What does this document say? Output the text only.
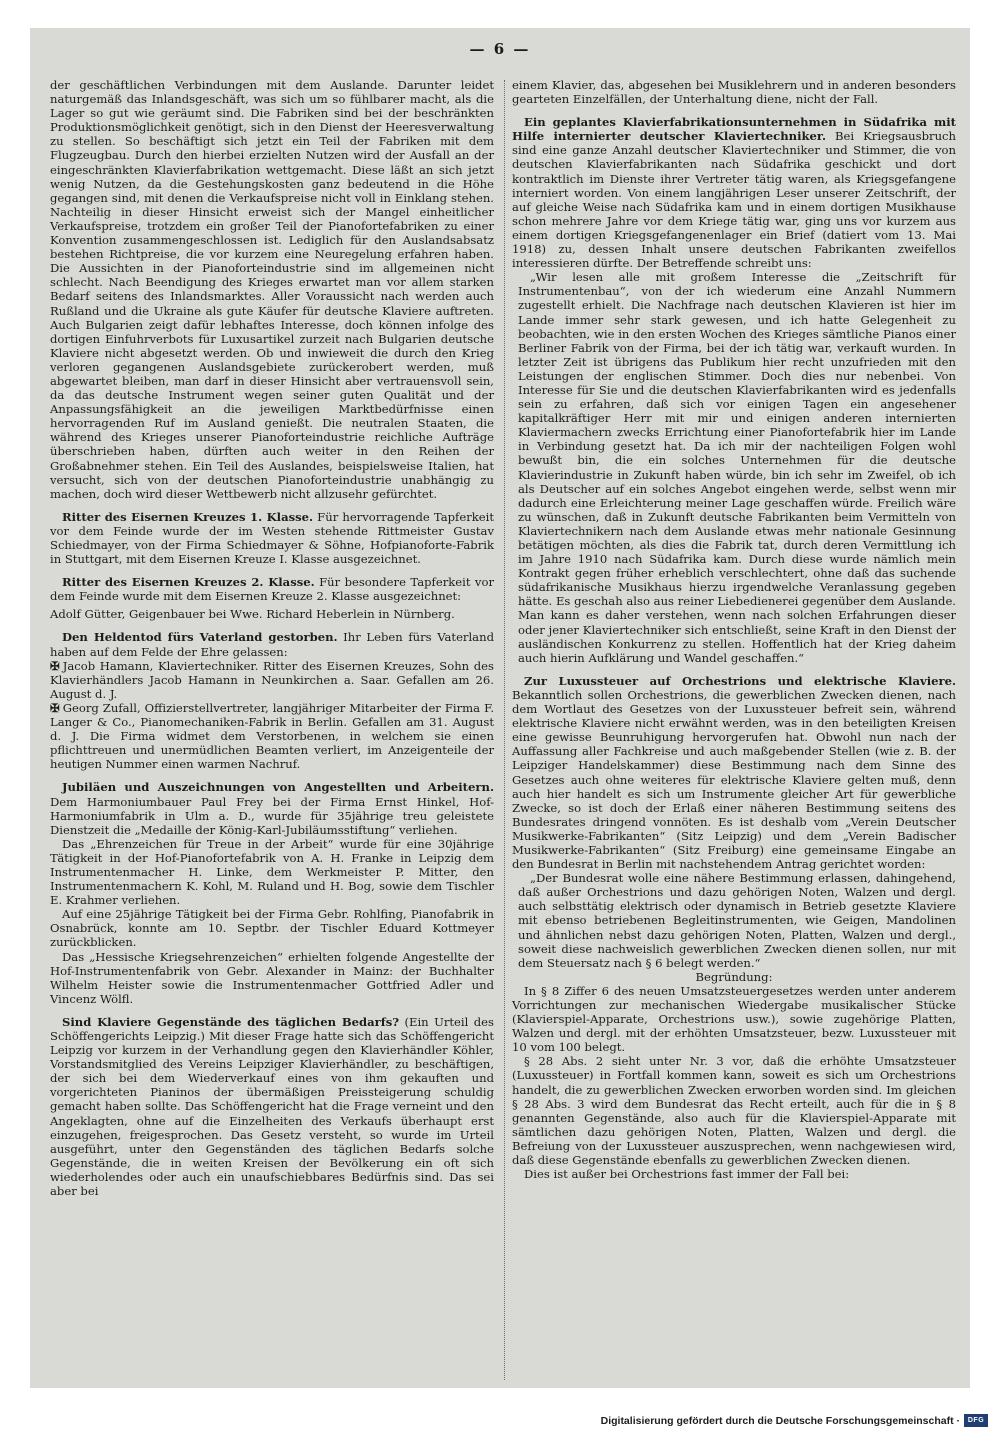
— 6 —

der geschäftlichen Verbindungen mit dem Auslande. Darunter leidet naturgemäß das Inlandsgeschäft, was sich um so fühlbarer macht, als die Lager so gut wie geräumt sind. Die Fabriken sind bei der beschränkten Produktionsmöglichkeit genötigt, sich in den Dienst der Heeresverwaltung zu stellen. So beschäftigt sich jetzt ein Teil der Fabriken mit dem Flugzeugbau. Durch den hierbei erzielten Nutzen wird der Ausfall an der eingeschränkten Klavierfabrikation wettgemacht. Diese läßt an sich jetzt wenig Nutzen, da die Gestehungskosten ganz bedeutend in die Höhe gegangen sind, mit denen die Verkaufspreise nicht voll in Einklang stehen. Nachteilig in dieser Hinsicht erweist sich der Mangel einheitlicher Verkaufspreise, trotzdem ein großer Teil der Pianofortefabriken zu einer Konvention zusammengeschlossen ist. Lediglich für den Auslandsabsatz bestehen Richtpreise, die vor kurzem eine Neuregelung erfahren haben. Die Aussichten in der Pianoforteindustrie sind im allgemeinen nicht schlecht. Nach Beendigung des Krieges erwartet man vor allem starken Bedarf seitens des Inlandsmarktes. Aller Voraussicht nach werden auch Rußland und die Ukraine als gute Käufer für deutsche Klaviere auftreten. Auch Bulgarien zeigt dafür lebhaftes Interesse, doch können infolge des dortigen Einfuhrverbots für Luxusartikel zurzeit nach Bulgarien deutsche Klaviere nicht abgesetzt werden. Ob und inwieweit die durch den Krieg verloren gegangenen Auslandsgebiete zurückerobert werden, muß abgewartet bleiben, man darf in dieser Hinsicht aber vertrauensvoll sein, da das deutsche Instrument wegen seiner guten Qualität und der Anpassungsfähigkeit an die jeweiligen Marktbedürfnisse einen hervorragenden Ruf im Ausland genießt. Die neutralen Staaten, die während des Krieges unserer Pianoforteindustrie reichliche Aufträge überschrieben haben, dürften auch weiter in den Reihen der Großabnehmer stehen. Ein Teil des Auslandes, beispielsweise Italien, hat versucht, sich von der deutschen Pianoforteindustrie unabhängig zu machen, doch wird dieser Wettbewerb nicht allzusehr gefürchtet.

Ritter des Eisernen Kreuzes 1. Klasse. Für hervorragende Tapferkeit vor dem Feinde wurde der im Westen stehende Rittmeister Gustav Schiedmayer, von der Firma Schiedmayer & Söhne, Hofpianoforte-Fabrik in Stuttgart, mit dem Eisernen Kreuze I. Klasse ausgezeichnet.

Ritter des Eisernen Kreuzes 2. Klasse. Für besondere Tapferkeit vor dem Feinde wurde mit dem Eisernen Kreuze 2. Klasse ausgezeichnet:

Adolf Gütter, Geigenbauer bei Wwe. Richard Heberlein in Nürnberg.

Den Heldentod fürs Vaterland gestorben. Ihr Leben fürs Vaterland haben auf dem Felde der Ehre gelassen:

✠ Jacob Hamann, Klaviertechniker. Ritter des Eisernen Kreuzes, Sohn des Klavierhändlers Jacob Hamann in Neunkirchen a. Saar. Gefallen am 26. August d. J.

✠ Georg Zufall, Offizierstellvertreter, langjähriger Mitarbeiter der Firma F. Langer & Co., Pianomechaniken-Fabrik in Berlin. Gefallen am 31. August d. J. Die Firma widmet dem Verstorbenen, in welchem sie einen pflichttreuen und unermüdlichen Beamten verliert, im Anzeigenteile der heutigen Nummer einen warmen Nachruf.

Jubiläen und Auszeichnungen von Angestellten und Arbeitern. Dem Harmoniumbauer Paul Frey bei der Firma Ernst Hinkel, Hof-Harmoniumfabrik in Ulm a. D., wurde für 35jährige treu geleistete Dienstzeit die „Medaille der König-Karl-Jubiläumsstiftung“ verliehen.

Das „Ehrenzeichen für Treue in der Arbeit“ wurde für eine 30jährige Tätigkeit in der Hof-Pianofortefabrik von A. H. Franke in Leipzig dem Instrumentenmacher H. Linke, dem Werkmeister P. Mitter, den Instrumentenmachern K. Kohl, M. Ruland und H. Bog, sowie dem Tischler E. Krahmer verliehen.

Auf eine 25jährige Tätigkeit bei der Firma Gebr. Rohlfing, Pianofabrik in Osnabrück, konnte am 10. Septbr. der Tischler Eduard Kottmeyer zurückblicken.

Das „Hessische Kriegsehrenzeichen“ erhielten folgende Angestellte der Hof-Instrumentenfabrik von Gebr. Alexander in Mainz: der Buchhalter Wilhelm Heister sowie die Instrumentenmacher Gottfried Adler und Vincenz Wölfl.

Sind Klaviere Gegenstände des täglichen Bedarfs? (Ein Urteil des Schöffengerichts Leipzig.) Mit dieser Frage hatte sich das Schöffengericht Leipzig vor kurzem in der Verhandlung gegen den Klavierhändler Köhler, Vorstandsmitglied des Vereins Leipziger Klavierhändler, zu beschäftigen, der sich bei dem Wiederverkauf eines von ihm gekauften und vorgerichteten Pianinos der übermäßigen Preissteigerung schuldig gemacht haben sollte. Das Schöffengericht hat die Frage verneint und den Angeklagten, ohne auf die Einzelheiten des Verkaufs überhaupt erst einzugehen, freigesprochen. Das Gesetz versteht, so wurde im Urteil ausgeführt, unter den Gegenständen des täglichen Bedarfs solche Gegenstände, die in weiten Kreisen der Bevölkerung ein oft sich wiederholendes oder auch ein unaufschiebbares Bedürfnis sind. Das sei aber bei

einem Klavier, das, abgesehen bei Musiklehrern und in anderen besonders gearteten Einzelfällen, der Unterhaltung diene, nicht der Fall.

Ein geplantes Klavierfabrikationsunternehmen in Südafrika mit Hilfe internierter deutscher Klaviertechniker. Bei Kriegsausbruch sind eine ganze Anzahl deutscher Klaviertechniker und Stimmer, die von deutschen Klavierfabrikanten nach Südafrika geschickt und dort kontraktlich im Dienste ihrer Vertreter tätig waren, als Kriegsgefangene interniert worden. Von einem langjährigen Leser unserer Zeitschrift, der auf gleiche Weise nach Südafrika kam und in einem dortigen Musikhause schon mehrere Jahre vor dem Kriege tätig war, ging uns vor kurzem aus einem dortigen Kriegsgefangenenlager ein Brief (datiert vom 13. Mai 1918) zu, dessen Inhalt unsere deutschen Fabrikanten zweifellos interessieren dürfte. Der Betreffende schreibt uns:

„Wir lesen alle mit großem Interesse die „Zeitschrift für Instrumentenbau“, von der ich wiederum eine Anzahl Nummern zugestellt erhielt. Die Nachfrage nach deutschen Klavieren ist hier im Lande immer sehr stark gewesen, und ich hatte Gelegenheit zu beobachten, wie in den ersten Wochen des Krieges sämtliche Pianos einer Berliner Fabrik von der Firma, bei der ich tätig war, verkauft wurden. In letzter Zeit ist übrigens das Publikum hier recht unzufrieden mit den Leistungen der englischen Stimmer. Doch dies nur nebenbei. Von Interesse für Sie und die deutschen Klavierfabrikanten wird es jedenfalls sein zu erfahren, daß sich vor einigen Tagen ein angesehener kapitalkräftiger Herr mit mir und einigen anderen internierten Klaviermachern zwecks Errichtung einer Pianofortefabrik hier im Lande in Verbindung gesetzt hat. Da ich mir der nachteiligen Folgen wohl bewußt bin, die ein solches Unternehmen für die deutsche Klavierindustrie in Zukunft haben würde, bin ich sehr im Zweifel, ob ich als Deutscher auf ein solches Angebot eingehen werde, selbst wenn mir dadurch eine Erleichterung meiner Lage geschaffen würde. Freilich wäre zu wünschen, daß in Zukunft deutsche Fabrikanten beim Vermitteln von Klaviertechnikern nach dem Auslande etwas mehr nationale Gesinnung betätigen möchten, als dies die Fabrik tat, durch deren Vermittlung ich im Jahre 1910 nach Südafrika kam. Durch diese wurde nämlich mein Kontrakt gegen früher erheblich verschlechtert, ohne daß das suchende südafrikanische Musikhaus hierzu irgendwelche Veranlassung gegeben hätte. Es geschah also aus reiner Liebedienerei gegenüber dem Auslande. Man kann es daher verstehen, wenn nach solchen Erfahrungen dieser oder jener Klaviertechniker sich entschließt, seine Kraft in den Dienst der ausländischen Konkurrenz zu stellen. Hoffentlich hat der Krieg daheim auch hierin Aufklärung und Wandel geschaffen.“

Zur Luxussteuer auf Orchestrions und elektrische Klaviere. Bekanntlich sollen Orchestrions, die gewerblichen Zwecken dienen, nach dem Wortlaut des Gesetzes von der Luxussteuer befreit sein, während elektrische Klaviere nicht erwähnt werden, was in den beteiligten Kreisen eine gewisse Beunruhigung hervorgerufen hat. Obwohl nun nach der Auffassung aller Fachkreise und auch maßgebender Stellen (wie z. B. der Leipziger Handelskammer) diese Bestimmung nach dem Sinne des Gesetzes auch ohne weiteres für elektrische Klaviere gelten muß, denn auch hier handelt es sich um Instrumente gleicher Art für gewerbliche Zwecke, so ist doch der Erlaß einer näheren Bestimmung seitens des Bundesrates dringend vonnöten. Es ist deshalb vom „Verein Deutscher Musikwerke-Fabrikanten“ (Sitz Leipzig) und dem „Verein Badischer Musikwerke-Fabrikanten“ (Sitz Freiburg) eine gemeinsame Eingabe an den Bundesrat in Berlin mit nachstehendem Antrag gerichtet worden:

„Der Bundesrat wolle eine nähere Bestimmung erlassen, dahingehend, daß außer Orchestrions und dazu gehörigen Noten, Walzen und dergl. auch selbsttätig elektrisch oder dynamisch in Betrieb gesetzte Klaviere mit ebenso betriebenen Begleitinstrumenten, wie Geigen, Mandolinen und ähnlichen nebst dazu gehörigen Noten, Platten, Walzen und dergl., soweit diese nachweislich gewerblichen Zwecken dienen sollen, nur mit dem Steuersatz nach § 6 belegt werden.“

Begründung:

In § 8 Ziffer 6 des neuen Umsatzsteuergesetzes werden unter anderem Vorrichtungen zur mechanischen Wiedergabe musikalischer Stücke (Klavierspiel-Apparate, Orchestrions usw.), sowie zugehörige Platten, Walzen und dergl. mit der erhöhten Umsatzsteuer, bezw. Luxussteuer mit 10 vom 100 belegt.

§ 28 Abs. 2 sieht unter Nr. 3 vor, daß die erhöhte Umsatzsteuer (Luxussteuer) in Fortfall kommen kann, soweit es sich um Orchestrions handelt, die zu gewerblichen Zwecken erworben worden sind. Im gleichen § 28 Abs. 3 wird dem Bundesrat das Recht erteilt, auch für die in § 8 genannten Gegenstände, also auch für die Klavierspiel-Apparate mit sämtlichen dazu gehörigen Noten, Platten, Walzen und dergl. die Befreiung von der Luxussteuer auszusprechen, wenn nachgewiesen wird, daß diese Gegenstände ebenfalls zu gewerblichen Zwecken dienen.

Dies ist außer bei Orchestrions fast immer der Fall bei:

Digitalisierung gefördert durch die Deutsche Forschungsgemeinschaft ·	DFG
